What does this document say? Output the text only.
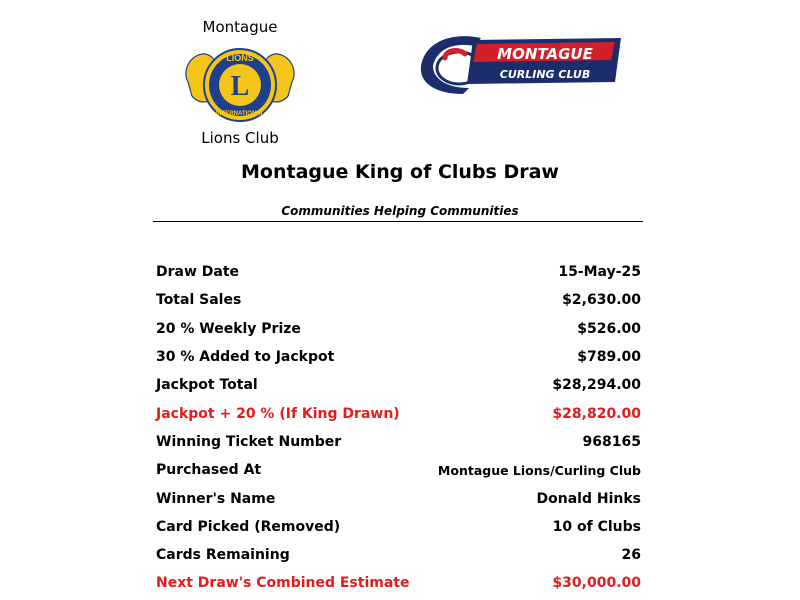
Montague
L
LIONS
INTERNATIONAL
Lions Club
MONTAGUE
CURLING CLUB
Montague King of Clubs Draw
Communities Helping Communities
Draw Date	15-May-25
Total Sales	$2,630.00
20 % Weekly Prize	$526.00
30 % Added to Jackpot	$789.00
Jackpot Total	$28,294.00
Jackpot + 20 % (If King Drawn)	$28,820.00
Winning Ticket Number	968165
Purchased At	Montague Lions/Curling Club
Winner's Name	Donald Hinks
Card Picked (Removed)	10 of Clubs
Cards Remaining	26
Next Draw's Combined Estimate	$30,000.00
